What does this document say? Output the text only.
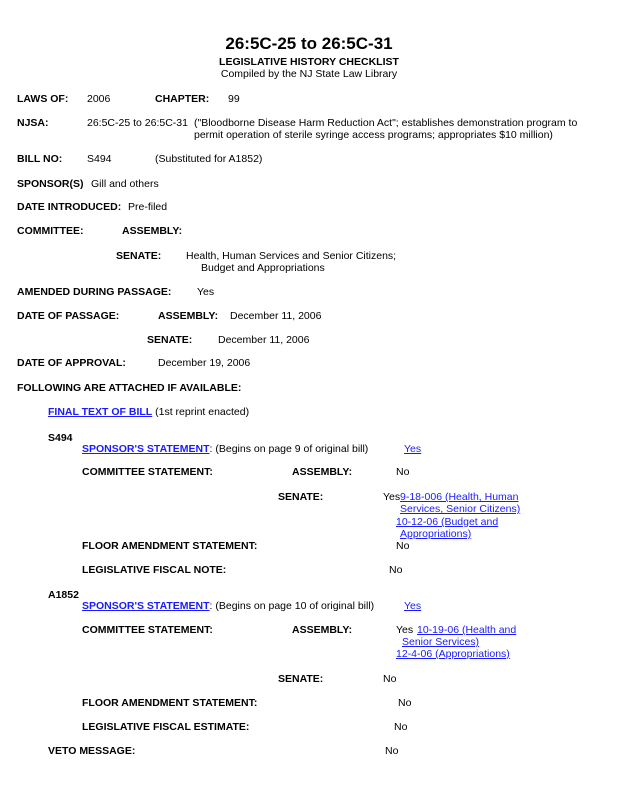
26:5C-25 to 26:5C-31
LEGISLATIVE HISTORY CHECKLIST
Compiled by the NJ State Law Library
LAWS OF: 2006	CHAPTER: 99
NJSA:	26:5C-25 to 26:5C-31 ("Bloodborne Disease Harm Reduction Act"; establishes demonstration program to
permit operation of sterile syringe access programs; appropriates $10 million)
BILL NO: S494	(Substituted for A1852)
SPONSOR(S) Gill and others
DATE INTRODUCED: Pre-filed
COMMITTEE:	ASSEMBLY:
SENATE: Health, Human Services and Senior Citizens;
Budget and Appropriations
AMENDED DURING PASSAGE: Yes
DATE OF PASSAGE:	ASSEMBLY: December 11, 2006
SENATE: December 11, 2006
DATE OF APPROVAL:	December 19, 2006
FOLLOWING ARE ATTACHED IF AVAILABLE:
FINAL TEXT OF BILL (1st reprint enacted)
S494
SPONSOR'S STATEMENT: (Begins on page 9 of original bill)	Yes
COMMITTEE STATEMENT:	ASSEMBLY:	No
SENATE:	Yes 9-18-006 (Health, Human
Services, Senior Citizens)
10-12-06 (Budget and
Appropriations)
FLOOR AMENDMENT STATEMENT:	No
LEGISLATIVE FISCAL NOTE:	No
A1852
SPONSOR'S STATEMENT: (Begins on page 10 of original bill)	Yes
COMMITTEE STATEMENT:	ASSEMBLY:	Yes 10-19-06 (Health and
Senior Services)
12-4-06 (Appropriations)
SENATE:	No
FLOOR AMENDMENT STATEMENT:	No
LEGISLATIVE FISCAL ESTIMATE:	No
VETO MESSAGE:	No
